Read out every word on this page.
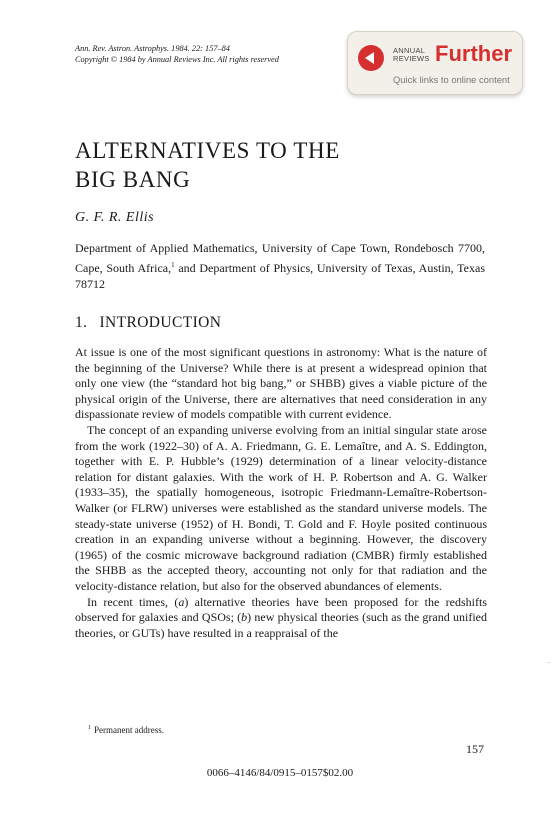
Ann. Rev. Astron. Astrophys. 1984. 22: 157–84
Copyright © 1984 by Annual Reviews Inc. All rights reserved
ANNUAL
REVIEWS Further
Quick links to online content
ALTERNATIVES TO THE
BIG BANG
G. F. R. Ellis
Department of Applied Mathematics, University of Cape Town, Rondebosch 7700, Cape, South Africa,$^1$ and Department of Physics, University of Texas, Austin, Texas 78712
1. INTRODUCTION

At issue is one of the most significant questions in astronomy: What is the nature of the beginning of the Universe? While there is at present a widespread opinion that only one view (the “standard hot big bang,” or SHBB) gives a viable picture of the physical origin of the Universe, there are alternatives that need consideration in any dispassionate review of models compatible with current evidence.

The concept of an expanding universe evolving from an initial singular state arose from the work (1922–30) of A. A. Friedmann, G. E. Lemaître, and A. S. Eddington, together with E. P. Hubble’s (1929) determination of a linear velocity-distance relation for distant galaxies. With the work of H. P. Robertson and A. G. Walker (1933–35), the spatially homogeneous, isotropic Friedmann-Lemaître-Robertson-Walker (or FLRW) universes were established as the standard universe models. The steady-state universe (1952) of H. Bondi, T. Gold and F. Hoyle posited continuous creation in an expanding universe without a beginning. However, the discovery (1965) of the cosmic microwave background radiation (CMBR) firmly established the SHBB as the accepted theory, accounting not only for that radiation and the velocity-distance relation, but also for the observed abundances of elements.

In recent times, (a) alternative theories have been proposed for the redshifts observed for galaxies and QSOs; (b) new physical theories (such as the grand unified theories, or GUTs) have resulted in a reappraisal of the

$^1$ Permanent address.
157
0066–4146/84/0915–0157$02.00
